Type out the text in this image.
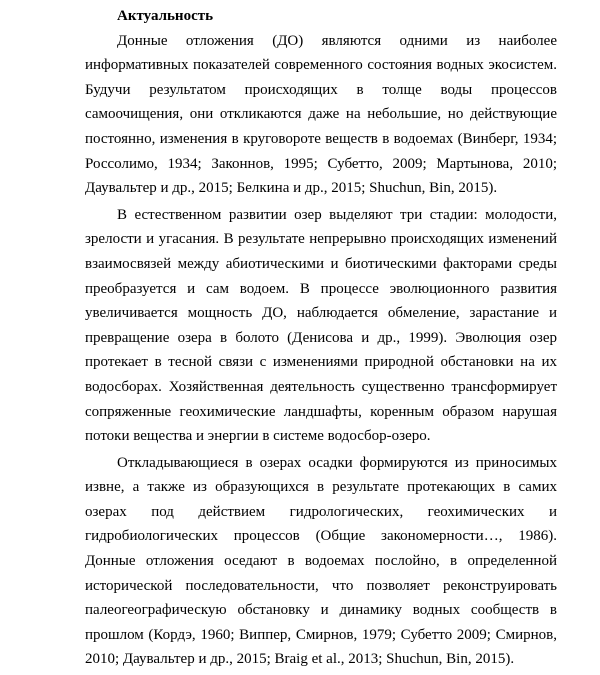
Актуальность

Донные отложения (ДО) являются одними из наиболее информативных показателей современного состояния водных экосистем. Будучи результатом происходящих в толще воды процессов самоочищения, они откликаются даже на небольшие, но действующие постоянно, изменения в круговороте веществ в водоемах (Винберг, 1934; Россолимо, 1934; Законнов, 1995; Субетто, 2009; Мартынова, 2010; Даувальтер и др., 2015; Белкина и др., 2015; Shuchun, Bin, 2015).

В естественном развитии озер выделяют три стадии: молодости, зрелости и угасания. В результате непрерывно происходящих изменений взаимосвязей между абиотическими и биотическими факторами среды преобразуется и сам водоем. В процессе эволюционного развития увеличивается мощность ДО, наблюдается обмеление, зарастание и превращение озера в болото (Денисова и др., 1999). Эволюция озер протекает в тесной связи с изменениями природной обстановки на их водосборах. Хозяйственная деятельность существенно трансформирует сопряженные геохимические ландшафты, коренным образом нарушая потоки вещества и энергии в системе водосбор-озеро.

Откладывающиеся в озерах осадки формируются из приносимых извне, а также из образующихся в результате протекающих в самих озерах под действием гидрологических, геохимических и гидробиологических процессов (Общие закономерности…, 1986). Донные отложения оседают в водоемах послойно, в определенной исторической последовательности, что позволяет реконструировать палеогеографическую обстановку и динамику водных сообществ в прошлом (Кордэ, 1960; Виппер, Смирнов, 1979; Субетто 2009; Смирнов, 2010; Даувальтер и др., 2015; Braig et al., 2013; Shuchun, Bin, 2015).
